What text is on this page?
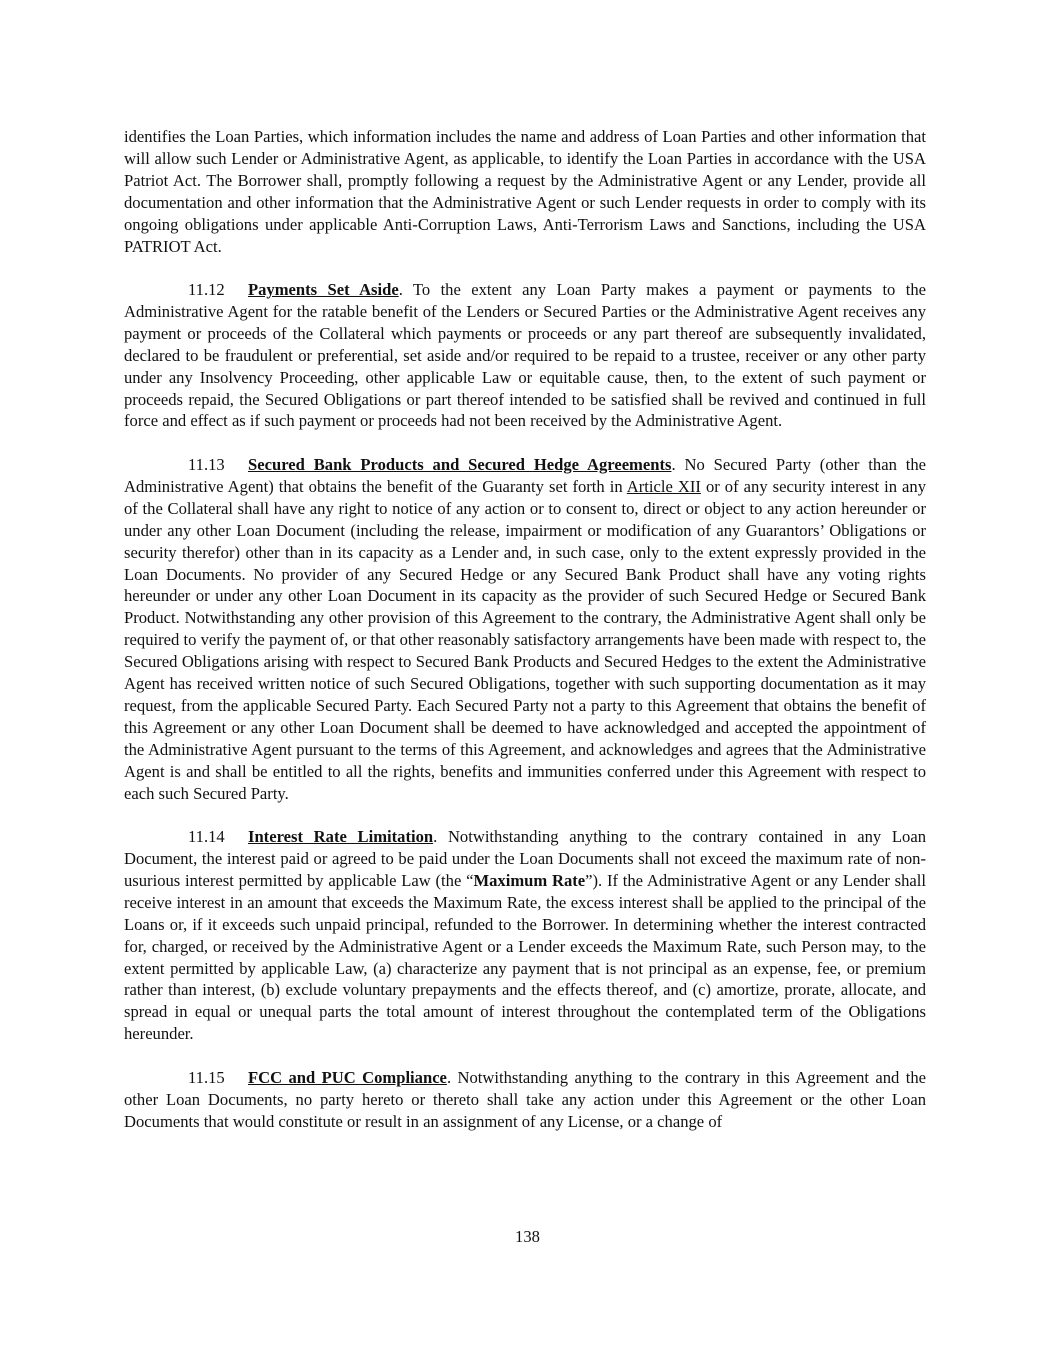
identifies the Loan Parties, which information includes the name and address of Loan Parties and other information that will allow such Lender or Administrative Agent, as applicable, to identify the Loan Parties in accordance with the USA Patriot Act. The Borrower shall, promptly following a request by the Administrative Agent or any Lender, provide all documentation and other information that the Administrative Agent or such Lender requests in order to comply with its ongoing obligations under applicable Anti-Corruption Laws, Anti-Terrorism Laws and Sanctions, including the USA PATRIOT Act.

11.12 Payments Set Aside. To the extent any Loan Party makes a payment or payments to the Administrative Agent for the ratable benefit of the Lenders or Secured Parties or the Administrative Agent receives any payment or proceeds of the Collateral which payments or proceeds or any part thereof are subsequently invalidated, declared to be fraudulent or preferential, set aside and/or required to be repaid to a trustee, receiver or any other party under any Insolvency Proceeding, other applicable Law or equitable cause, then, to the extent of such payment or proceeds repaid, the Secured Obligations or part thereof intended to be satisfied shall be revived and continued in full force and effect as if such payment or proceeds had not been received by the Administrative Agent.

11.13 Secured Bank Products and Secured Hedge Agreements. No Secured Party (other than the Administrative Agent) that obtains the benefit of the Guaranty set forth in Article XII or of any security interest in any of the Collateral shall have any right to notice of any action or to consent to, direct or object to any action hereunder or under any other Loan Document (including the release, impairment or modification of any Guarantors’ Obligations or security therefor) other than in its capacity as a Lender and, in such case, only to the extent expressly provided in the Loan Documents. No provider of any Secured Hedge or any Secured Bank Product shall have any voting rights hereunder or under any other Loan Document in its capacity as the provider of such Secured Hedge or Secured Bank Product. Notwithstanding any other provision of this Agreement to the contrary, the Administrative Agent shall only be required to verify the payment of, or that other reasonably satisfactory arrangements have been made with respect to, the Secured Obligations arising with respect to Secured Bank Products and Secured Hedges to the extent the Administrative Agent has received written notice of such Secured Obligations, together with such supporting documentation as it may request, from the applicable Secured Party. Each Secured Party not a party to this Agreement that obtains the benefit of this Agreement or any other Loan Document shall be deemed to have acknowledged and accepted the appointment of the Administrative Agent pursuant to the terms of this Agreement, and acknowledges and agrees that the Administrative Agent is and shall be entitled to all the rights, benefits and immunities conferred under this Agreement with respect to each such Secured Party.

11.14 Interest Rate Limitation. Notwithstanding anything to the contrary contained in any Loan Document, the interest paid or agreed to be paid under the Loan Documents shall not exceed the maximum rate of non-usurious interest permitted by applicable Law (the “Maximum Rate”). If the Administrative Agent or any Lender shall receive interest in an amount that exceeds the Maximum Rate, the excess interest shall be applied to the principal of the Loans or, if it exceeds such unpaid principal, refunded to the Borrower. In determining whether the interest contracted for, charged, or received by the Administrative Agent or a Lender exceeds the Maximum Rate, such Person may, to the extent permitted by applicable Law, (a) characterize any payment that is not principal as an expense, fee, or premium rather than interest, (b) exclude voluntary prepayments and the effects thereof, and (c) amortize, prorate, allocate, and spread in equal or unequal parts the total amount of interest throughout the contemplated term of the Obligations hereunder.

11.15 FCC and PUC Compliance. Notwithstanding anything to the contrary in this Agreement and the other Loan Documents, no party hereto or thereto shall take any action under this Agreement or the other Loan Documents that would constitute or result in an assignment of any License, or a change of

138
